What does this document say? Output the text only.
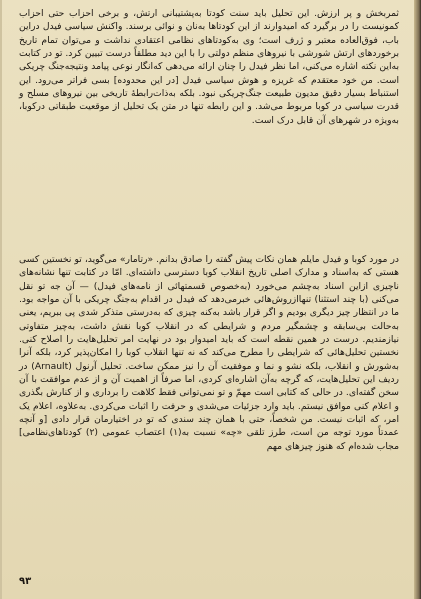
ثمربخش و پر ارزش. این تحلیل باید سنت کودتا به‌پشتیبانی ارتش، و برخی احزاب حتی احزاب کمونیست را در برگیرد که امیدوارند از این کودتاها به‌نان و نوائی برسند. واکنش سیاسی فیدل دراین باب، فوق‌العاده معتبر و ژرف است؛ وی به‌کودتاهای نظامی اعتقادی نداشت و می‌توان تمام تاریخ برخوردهای ارتش شورشی با نیروهای منظم دولتی را با این دید مطلقاً درست تبیین کرد. تو در کتابت به‌این نکته اشاره می‌کنی، اما نظر فیدل را چنان ارائه می‌دهی که‌انگار نوعی پیامد ونتیجه‌جنگ چریکی است. من خود معتقدم که غریزه و هوش سیاسی فیدل [در این محدوده] بسی فراتر می‌رود. این استنباط بسیار دقیق مدیون طبیعت جنگ‌چریکی نبود. بلکه به‌ذات‌رابطهٔ تاریخی بین نیروهای مسلح و قدرت سیاسی در کوبا مربوط می‌شد. و این رابطه تنها در متن یک تحلیل از موقعیت طبقاتی درکوبا، به‌ویژه در شهرهای آن قابل درک است.
در مورد کوبا و فیدل مایلم همان نکات پیش گفته را صادق بدانم. «رتامار» می‌گوید، تو نخستین کسی هستی که به‌اسناد و مدارک اصلی تاریخ انقلاب کوبا دسترسی داشته‌ای. امّا در کتابت تنها نشانه‌های ناچیزی ازاین اسناد به‌چشم می‌خورد (به‌خصوص قسمتهائی از نامه‌های فیدل) — آن جه تو نقل می‌کنی (با چند استثنا) تنهاازروش‌هائی خبرمی‌دهد که فیدل در اقدام به‌جنگ چریکی با آن مواجه بود. ما در انتظار چیز دیگری بودیم و اگر قرار باشد به‌کنه چیزی که به‌درستی متذکر شدی پی ببریم، یعنی به‌حالت بی‌سابقه و چشمگیر مردم و شرایطی که در انقلاب کوبا نقش داشت، به‌چیز متفاوتی نیازمندیم. درست در همین نقطه است که باید امیدوار بود در نهایت امر تحلیل‌هایت را اصلاح کنی. نخستین تحلیل‌هائی که شرایطی را مطرح می‌کند که نه تنها انقلاب کوبا را امکان‌پذیر کرد، بلکه آنرا به‌شورش و انقلاب، بلکه نشو و نما و موفقیت آن را نیز ممکن ساخت. تحلیل آرنول (Arnault) در ردیف این تحلیل‌هایت، که گرچه به‌آن اشاره‌ای کردی، اما صرفاً از اهمیت آن و از عدم موافقت با آن سخن گفته‌ای. در حالی که کتابی است مهمّ و تو نمی‌توانی فقط کلاهت را برداری و از کنارش بگذری و اعلام کنی موافق نیستم. باید وارد جزئیات می‌شدی و حرفت را اثبات می‌کردی. به‌علاوه، اعلام یک امر، که اثبات نیست. من شخصاً، حتی با همان چند سندی که تو در اختیارمان قرار دادی [و آنچه عمدتاً مورد توجه من است، طرز تلقی «چه» نسبت به(۱) اعتصاب عمومی (۲) کودتاهای‌نظامی] مجاب شده‌ام که هنوز چیزهای مهم
۹۳
